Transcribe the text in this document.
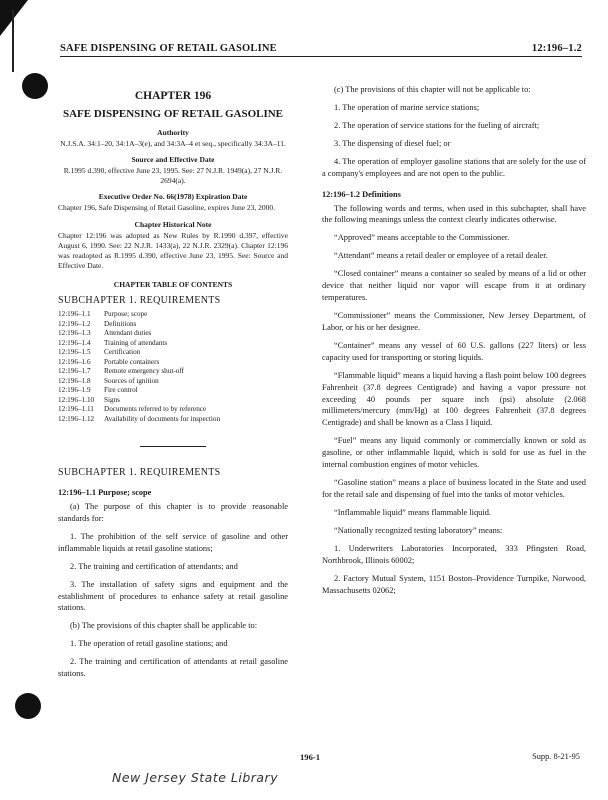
SAFE DISPENSING OF RETAIL GASOLINE	12:196–1.2
CHAPTER 196
SAFE DISPENSING OF RETAIL GASOLINE
Authority
N.J.S.A. 34:1–20, 34:1A–3(e), and 34:3A–4 et seq., specifically 34:3A–11.
Source and Effective Date
R.1995 d.390, effective June 23, 1995. See: 27 N.J.R. 1949(a), 27 N.J.R. 2694(a).
Executive Order No. 66(1978) Expiration Date
Chapter 196, Safe Dispensing of Retail Gasoline, expires June 23, 2000.
Chapter Historical Note
Chapter 12:196 was adopted as New Rules by R.1990 d.397, effective August 6, 1990. See: 22 N.J.R. 1433(a), 22 N.J.R. 2329(a). Chapter 12:196 was readopted as R.1995 d.390, effective June 23, 1995. See: Source and Effective Date.
CHAPTER TABLE OF CONTENTS
SUBCHAPTER 1. REQUIREMENTS
12:196–1.1	Purpose; scope
12:196–1.2	Definitions
12:196–1.3	Attendant duties
12:196–1.4	Training of attendants
12:196–1.5	Certification
12:196–1.6	Portable containers
12:196–1.7	Remote emergency shut-off
12:196–1.8	Sources of ignition
12:196–1.9	Fire control
12:196–1.10	Signs
12:196–1.11	Documents referred to by reference
12:196–1.12	Availability of documents for inspection
SUBCHAPTER 1. REQUIREMENTS
12:196–1.1 Purpose; scope
(a) The purpose of this chapter is to provide reasonable standards for:
1. The prohibition of the self service of gasoline and other inflammable liquids at retail gasoline stations;
2. The training and certification of attendants; and
3. The installation of safety signs and equipment and the establishment of procedures to enhance safety at retail gasoline stations.
(b) The provisions of this chapter shall be applicable to:
1. The operation of retail gasoline stations; and
2. The training and certification of attendants at retail gasoline stations.
(c) The provisions of this chapter will not be applicable to:
1. The operation of marine service stations;
2. The operation of service stations for the fueling of aircraft;
3. The dispensing of diesel fuel; or
4. The operation of employer gasoline stations that are solely for the use of a company's employees and are not open to the public.
12:196–1.2 Definitions
The following words and terms, when used in this subchapter, shall have the following meanings unless the context clearly indicates otherwise.
“Approved” means acceptable to the Commissioner.
“Attendant” means a retail dealer or employee of a retail dealer.
“Closed container” means a container so sealed by means of a lid or other device that neither liquid nor vapor will escape from it at ordinary temperatures.
“Commissioner” means the Commissioner, New Jersey Department, of Labor, or his or her designee.
“Container” means any vessel of 60 U.S. gallons (227 liters) or less capacity used for transporting or storing liquids.
“Flammable liquid” means a liquid having a flash point below 100 degrees Fahrenheit (37.8 degrees Centigrade) and having a vapor pressure not exceeding 40 pounds per square inch (psi) absolute (2.068 millimeters/mercury (mm/Hg) at 100 degrees Fahrenheit (37.8 degrees Centigrade) and shall be known as a Class I liquid.
“Fuel” means any liquid commonly or commercially known or sold as gasoline, or other inflammable liquid, which is sold for use as fuel in the internal combustion engines of motor vehicles.
“Gasoline station” means a place of business located in the State and used for the retail sale and dispensing of fuel into the tanks of motor vehicles.
“Inflammable liquid” means flammable liquid.
“Nationally recognized testing laboratory” means:
1. Underwriters Laboratories Incorporated, 333 Pfingsten Road, Northbrook, Illinois 60002;
2. Factory Mutual System, 1151 Boston–Providence Turnpike, Norwood, Massachusetts 02062;
196-1	Supp. 8-21-95
New Jersey State Library
